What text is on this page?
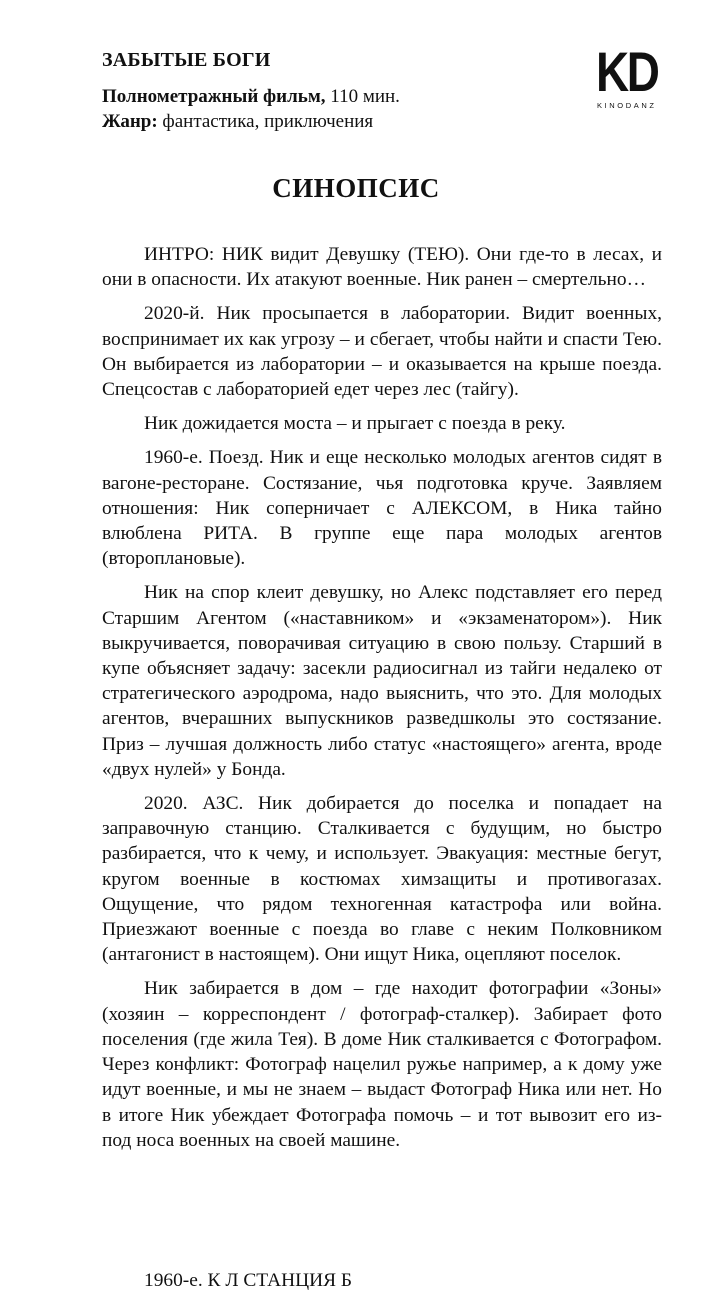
ЗАБЫТЫЕ БОГИ

Полнометражный фильм, 110 мин.

Жанр: фантастика, приключения

KD
KINODANZ
СИНОПСИС

ИНТРО: НИК видит Девушку (ТЕЮ). Они где-то в лесах, и они в опасности. Их атакуют военные. Ник ранен – смертельно…

2020-й. Ник просыпается в лаборатории. Видит военных, воспринимает их как угрозу – и сбегает, чтобы найти и спасти Тею. Он выбирается из лаборатории – и оказывается на крыше поезда. Спецсостав с лабораторией едет через лес (тайгу).

Ник дожидается моста – и прыгает с поезда в реку.

1960-е. Поезд. Ник и еще несколько молодых агентов сидят в вагоне-ресторане. Состязание, чья подготовка круче. Заявляем отношения: Ник соперничает с АЛЕКСОМ, в Ника тайно влюблена РИТА. В группе еще пара молодых агентов (второплановые).

Ник на спор клеит девушку, но Алекс подставляет его перед Старшим Агентом («наставником» и «экзаменатором»). Ник выкручивается, поворачивая ситуацию в свою пользу. Старший в купе объясняет задачу: засекли радиосигнал из тайги недалеко от стратегического аэродрома, надо выяснить, что это. Для молодых агентов, вчерашних выпускников разведшколы это состязание. Приз – лучшая должность либо статус «настоящего» агента, вроде «двух нулей» у Бонда.

2020. АЗС. Ник добирается до поселка и попадает на заправочную станцию. Сталкивается с будущим, но быстро разбирается, что к чему, и использует. Эвакуация: местные бегут, кругом военные в костюмах химзащиты и противогазах. Ощущение, что рядом техногенная катастрофа или война. Приезжают военные с поезда во главе с неким Полковником (антагонист в настоящем). Они ищут Ника, оцепляют поселок.

Ник забирается в дом – где находит фотографии «Зоны» (хозяин – корреспондент / фотограф-сталкер). Забирает фото поселения (где жила Тея). В доме Ник сталкивается с Фотографом. Через конфликт: Фотограф нацелил ружье например, а к дому уже идут военные, и мы не знаем – выдаст Фотограф Ника или нет. Но в итоге Ник убеждает Фотографа помочь – и тот вывозит его из-под носа военных на своей машине.

1960-е. К Л СТАНЦИЯ Б
